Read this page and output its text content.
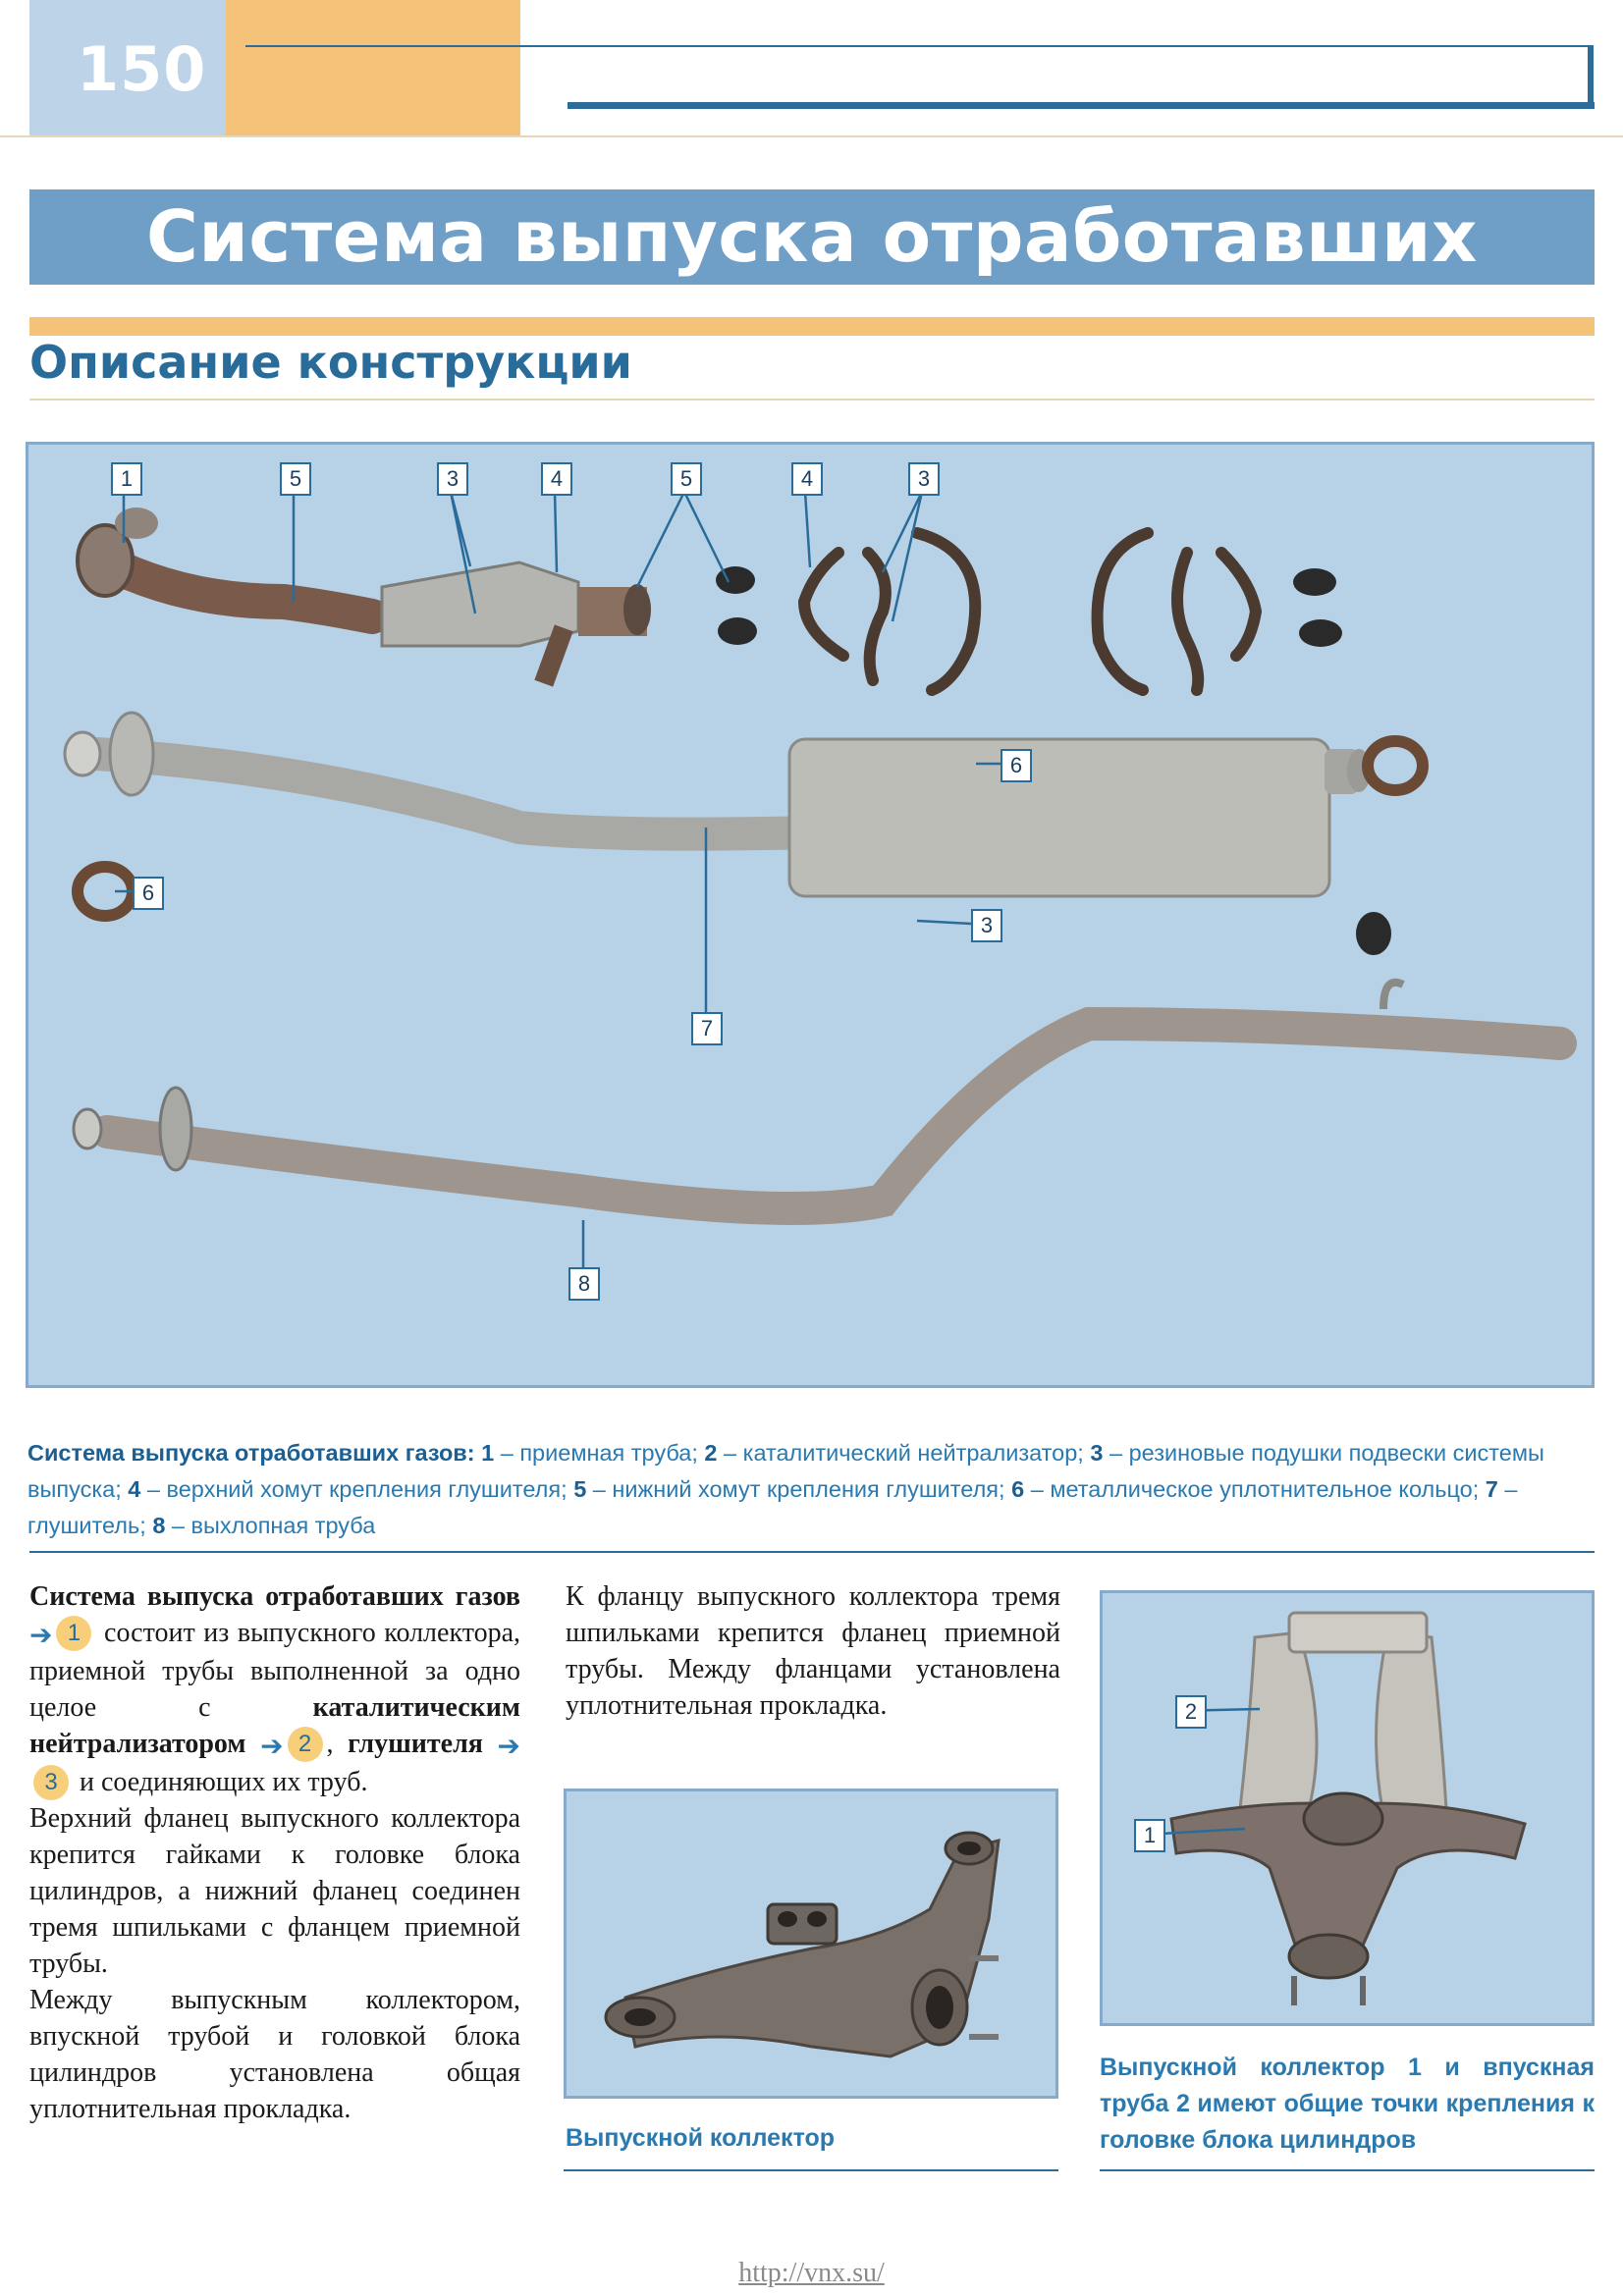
150
Система выпуска отработавших
Описание конструкции
1	5	3	4	5	4	3
6
6
3
7
8
Система выпуска отработавших газов: 1 – приемная труба; 2 – каталитический нейтрализатор; 3 – резиновые подушки подвески системы выпуска; 4 – верхний хомут крепления глушителя; 5 – нижний хомут крепления глушителя; 6 – металлическое уплотнительное кольцо; 7 – глушитель; 8 – выхлопная труба
Система выпуска отработавших газов ➔ 1 состоит из выпускного коллектора, приемной трубы выполненной за одно целое с	каталитическим нейтрализатором ➔ 2 , глушителя ➔3 и соединяющих их труб.
Верхний фланец выпускного коллектора крепится гайками к головке блока цилиндров, а нижний фланец соединен тремя шпильками с фланцем приемной трубы.
Между выпускным коллектором, впускной трубой и головкой блока цилиндров установлена общая уплотнительная прокладка.
К фланцу выпускного коллектора тремя шпильками крепится фланец приемной трубы. Между фланцами установлена уплотнительная прокладка.
Выпускной коллектор
2
1
Выпускной коллектор 1 и впускная труба 2 имеют общие точки крепления к головке блока цилиндров
http://vnx.su/
